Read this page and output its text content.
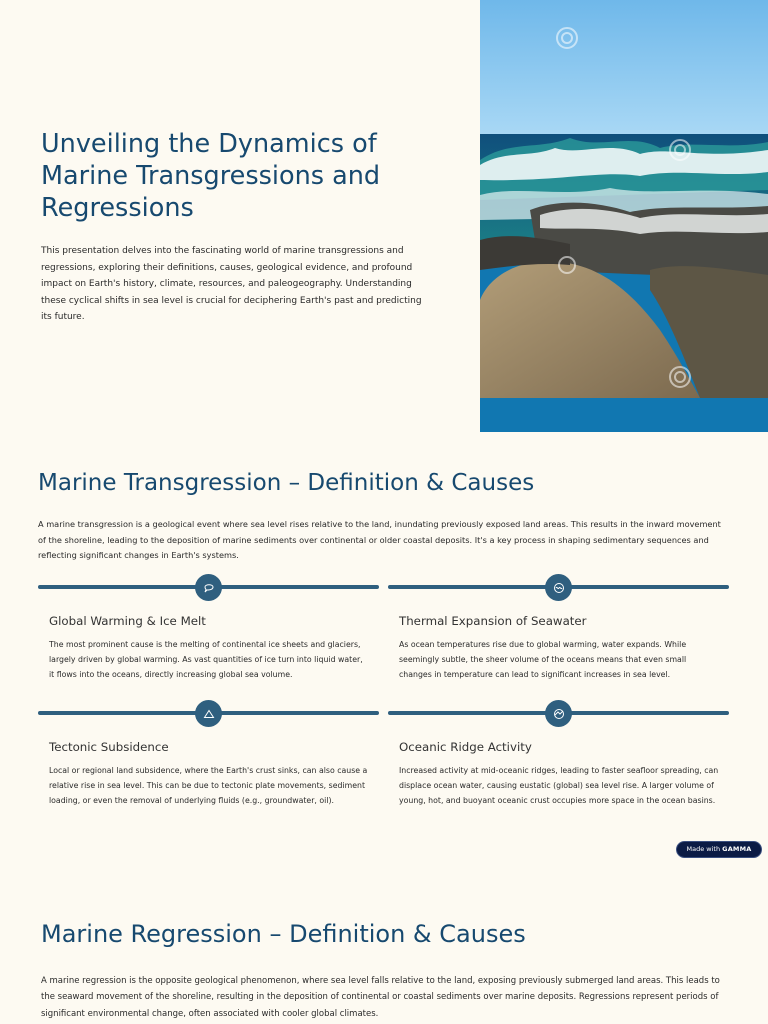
Unveiling the Dynamics of Marine Transgressions and Regressions

This presentation delves into the fascinating world of marine transgressions and regressions, exploring their definitions, causes, geological evidence, and profound impact on Earth's history, climate, resources, and paleogeography. Understanding these cyclical shifts in sea level is crucial for deciphering Earth's past and predicting its future.

Marine Transgression – Definition & Causes

A marine transgression is a geological event where sea level rises relative to the land, inundating previously exposed land areas. This results in the inward movement of the shoreline, leading to the deposition of marine sediments over continental or older coastal deposits. It's a key process in shaping sedimentary sequences and reflecting significant changes in Earth's systems.

Global Warming & Ice Melt
The most prominent cause is the melting of continental ice sheets and glaciers, largely driven by global warming. As vast quantities of ice turn into liquid water, it flows into the oceans, directly increasing global sea volume.
Thermal Expansion of Seawater
As ocean temperatures rise due to global warming, water expands. While seemingly subtle, the sheer volume of the oceans means that even small changes in temperature can lead to significant increases in sea level.
Tectonic Subsidence
Local or regional land subsidence, where the Earth's crust sinks, can also cause a relative rise in sea level. This can be due to tectonic plate movements, sediment loading, or even the removal of underlying fluids (e.g., groundwater, oil).
Oceanic Ridge Activity
Increased activity at mid-oceanic ridges, leading to faster seafloor spreading, can displace ocean water, causing eustatic (global) sea level rise. A larger volume of young, hot, and buoyant oceanic crust occupies more space in the ocean basins.
Made with GAMMA
Marine Regression – Definition & Causes

A marine regression is the opposite geological phenomenon, where sea level falls relative to the land, exposing previously submerged land areas. This leads to the seaward movement of the shoreline, resulting in the deposition of continental or coastal sediments over marine deposits. Regressions represent periods of significant environmental change, often associated with cooler global climates.
